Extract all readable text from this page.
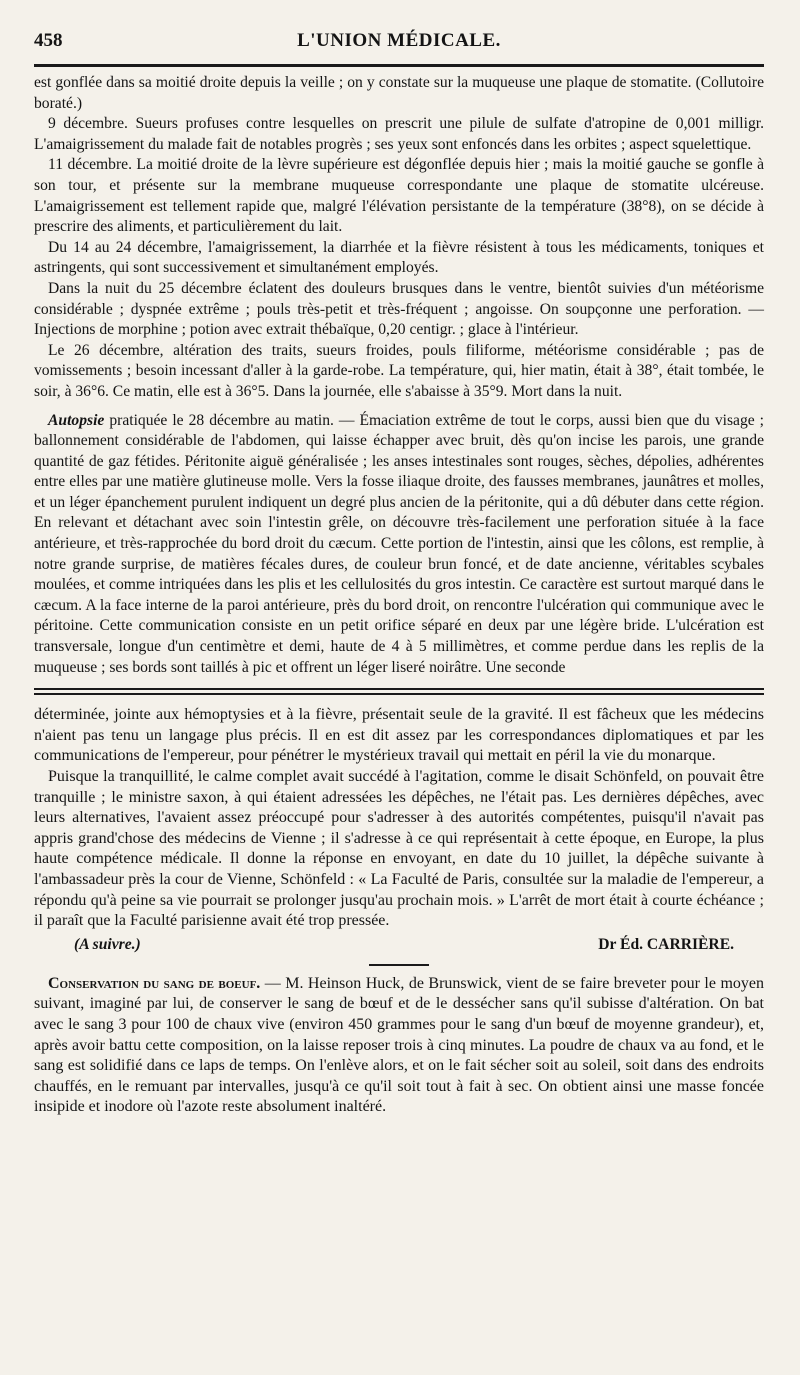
458	L'UNION MÉDICALE.

est gonflée dans sa moitié droite depuis la veille ; on y constate sur la muqueuse une plaque de stomatite. (Collutoire boraté.)

9 décembre. Sueurs profuses contre lesquelles on prescrit une pilule de sulfate d'atropine de 0,001 milligr. L'amaigrissement du malade fait de notables progrès ; ses yeux sont enfoncés dans les orbites ; aspect squelettique.

11 décembre. La moitié droite de la lèvre supérieure est dégonflée depuis hier ; mais la moitié gauche se gonfle à son tour, et présente sur la membrane muqueuse correspondante une plaque de stomatite ulcéreuse. L'amaigrissement est tellement rapide que, malgré l'élévation persistante de la température (38°8), on se décide à prescrire des aliments, et particulièrement du lait.

Du 14 au 24 décembre, l'amaigrissement, la diarrhée et la fièvre résistent à tous les médicaments, toniques et astringents, qui sont successivement et simultanément employés.

Dans la nuit du 25 décembre éclatent des douleurs brusques dans le ventre, bientôt suivies d'un météorisme considérable ; dyspnée extrême ; pouls très-petit et très-fréquent ; angoisse. On soupçonne une perforation. — Injections de morphine ; potion avec extrait thébaïque, 0,20 centigr. ; glace à l'intérieur.

Le 26 décembre, altération des traits, sueurs froides, pouls filiforme, météorisme considérable ; pas de vomissements ; besoin incessant d'aller à la garde-robe. La température, qui, hier matin, était à 38°, était tombée, le soir, à 36°6. Ce matin, elle est à 36°5. Dans la journée, elle s'abaisse à 35°9. Mort dans la nuit.

Autopsie pratiquée le 28 décembre au matin. — Émaciation extrême de tout le corps, aussi bien que du visage ; ballonnement considérable de l'abdomen, qui laisse échapper avec bruit, dès qu'on incise les parois, une grande quantité de gaz fétides. Péritonite aiguë généralisée ; les anses intestinales sont rouges, sèches, dépolies, adhérentes entre elles par une matière glutineuse molle. Vers la fosse iliaque droite, des fausses membranes, jaunâtres et molles, et un léger épanchement purulent indiquent un degré plus ancien de la péritonite, qui a dû débuter dans cette région. En relevant et détachant avec soin l'intestin grêle, on découvre très-facilement une perforation située à la face antérieure, et très-rapprochée du bord droit du cæcum. Cette portion de l'intestin, ainsi que les côlons, est remplie, à notre grande surprise, de matières fécales dures, de couleur brun foncé, et de date ancienne, véritables scybales moulées, et comme intriquées dans les plis et les cellulosités du gros intestin. Ce caractère est surtout marqué dans le cæcum. A la face interne de la paroi antérieure, près du bord droit, on rencontre l'ulcération qui communique avec le péritoine. Cette communication consiste en un petit orifice séparé en deux par une légère bride. L'ulcération est transversale, longue d'un centimètre et demi, haute de 4 à 5 millimètres, et comme perdue dans les replis de la muqueuse ; ses bords sont taillés à pic et offrent un léger liseré noirâtre. Une seconde

déterminée, jointe aux hémoptysies et à la fièvre, présentait seule de la gravité. Il est fâcheux que les médecins n'aient pas tenu un langage plus précis. Il en est dit assez par les correspondances diplomatiques et par les communications de l'empereur, pour pénétrer le mystérieux travail qui mettait en péril la vie du monarque.

Puisque la tranquillité, le calme complet avait succédé à l'agitation, comme le disait Schönfeld, on pouvait être tranquille ; le ministre saxon, à qui étaient adressées les dépêches, ne l'était pas. Les dernières dépêches, avec leurs alternatives, l'avaient assez préoccupé pour s'adresser à des autorités compétentes, puisqu'il n'avait pas appris grand'chose des médecins de Vienne ; il s'adresse à ce qui représentait à cette époque, en Europe, la plus haute compétence médicale. Il donne la réponse en envoyant, en date du 10 juillet, la dépêche suivante à l'ambassadeur près la cour de Vienne, Schönfeld : « La Faculté de Paris, consultée sur la maladie de l'empereur, a répondu qu'à peine sa vie pourrait se prolonger jusqu'au prochain mois. » L'arrêt de mort était à courte échéance ; il paraît que la Faculté parisienne avait été trop pressée.

(A suivre.)	Dr Éd. CARRIÈRE.

Conservation du sang de boeuf. — M. Heinson Huck, de Brunswick, vient de se faire breveter pour le moyen suivant, imaginé par lui, de conserver le sang de bœuf et de le dessécher sans qu'il subisse d'altération. On bat avec le sang 3 pour 100 de chaux vive (environ 450 grammes pour le sang d'un bœuf de moyenne grandeur), et, après avoir battu cette composition, on la laisse reposer trois à cinq minutes. La poudre de chaux va au fond, et le sang est solidifié dans ce laps de temps. On l'enlève alors, et on le fait sécher soit au soleil, soit dans des endroits chauffés, en le remuant par intervalles, jusqu'à ce qu'il soit tout à fait à sec. On obtient ainsi une masse foncée insipide et inodore où l'azote reste absolument inaltéré.
